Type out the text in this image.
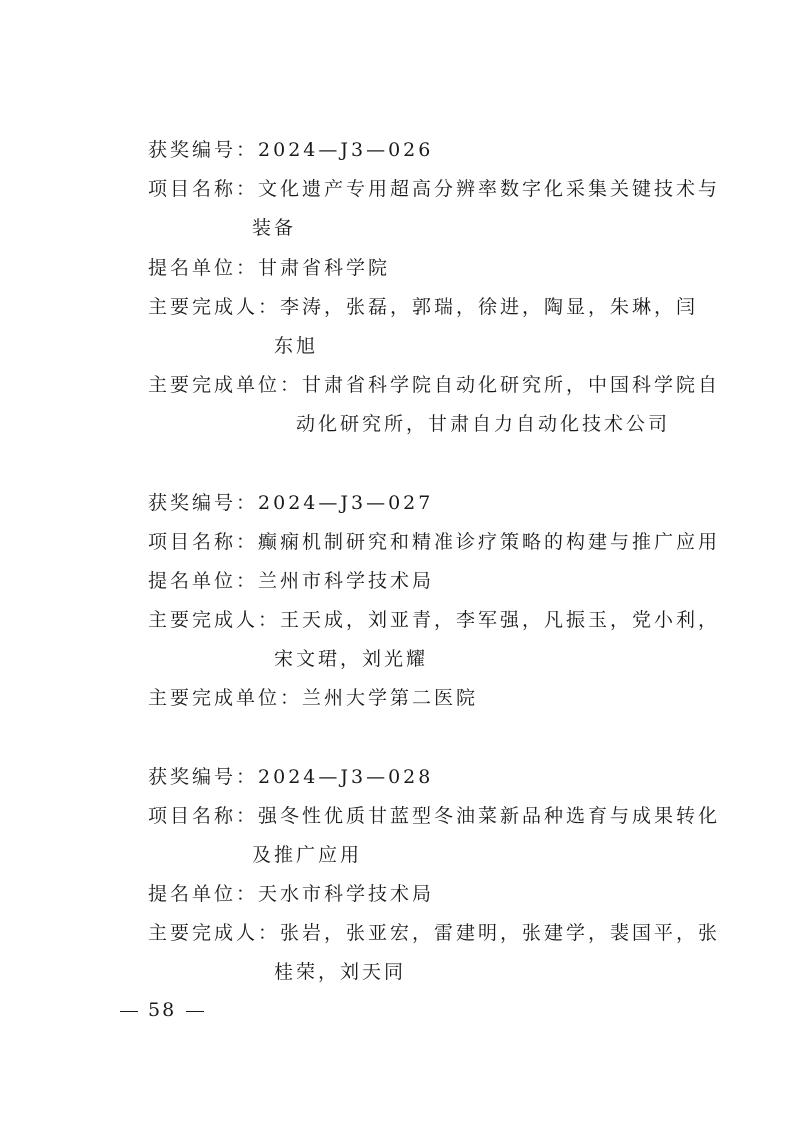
获奖编号：2024—J3—026
项目名称：文化遗产专用超高分辨率数字化采集关键技术与
装备
提名单位：甘肃省科学院
主要完成人：李涛，张磊，郭瑞，徐进，陶显，朱琳，闫
东旭
主要完成单位：甘肃省科学院自动化研究所，中国科学院自
动化研究所，甘肃自力自动化技术公司
获奖编号：2024—J3—027
项目名称：癫痫机制研究和精准诊疗策略的构建与推广应用
提名单位：兰州市科学技术局
主要完成人：王天成，刘亚青，李军强，凡振玉，党小利，
宋文珺，刘光耀
主要完成单位：兰州大学第二医院
获奖编号：2024—J3—028
项目名称：强冬性优质甘蓝型冬油菜新品种选育与成果转化
及推广应用
提名单位：天水市科学技术局
主要完成人：张岩，张亚宏，雷建明，张建学，裴国平，张
桂荣，刘天同
58
